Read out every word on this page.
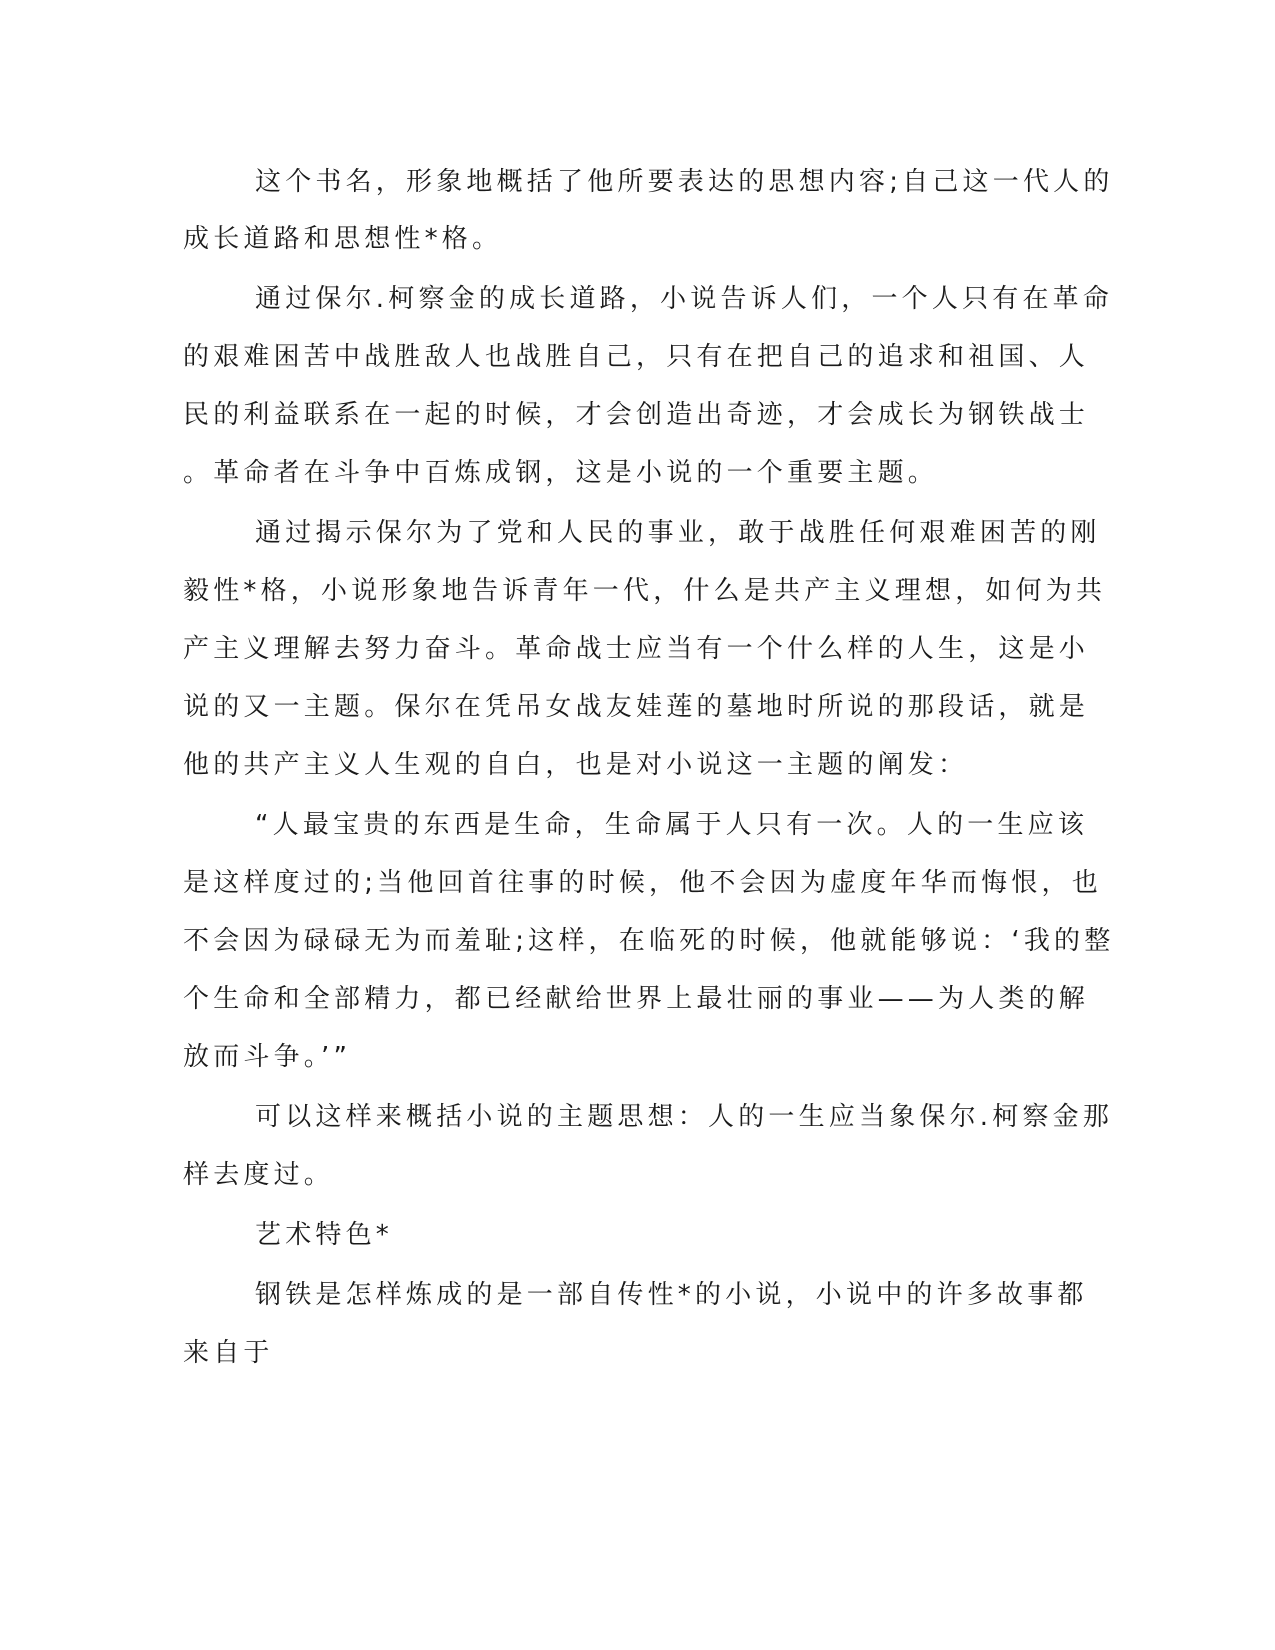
这个书名，形象地概括了他所要表达的思想内容;自己这一代人的
成长道路和思想性*格。
通过保尔.柯察金的成长道路，小说告诉人们，一个人只有在革命
的艰难困苦中战胜敌人也战胜自己，只有在把自己的追求和祖国、人
民的利益联系在一起的时候，才会创造出奇迹，才会成长为钢铁战士
。革命者在斗争中百炼成钢，这是小说的一个重要主题。
通过揭示保尔为了党和人民的事业，敢于战胜任何艰难困苦的刚
毅性*格，小说形象地告诉青年一代，什么是共产主义理想，如何为共
产主义理解去努力奋斗。革命战士应当有一个什么样的人生，这是小
说的又一主题。保尔在凭吊女战友娃莲的墓地时所说的那段话，就是
他的共产主义人生观的自白，也是对小说这一主题的阐发：
“人最宝贵的东西是生命，生命属于人只有一次。人的一生应该
是这样度过的;当他回首往事的时候，他不会因为虚度年华而悔恨，也
不会因为碌碌无为而羞耻;这样，在临死的时候，他就能够说：‘我的整
个生命和全部精力，都已经献给世界上最壮丽的事业——为人类的解
放而斗争。’”
可以这样来概括小说的主题思想：人的一生应当象保尔.柯察金那
样去度过。
艺术特色*
钢铁是怎样炼成的是一部自传性*的小说，小说中的许多故事都
来自于
